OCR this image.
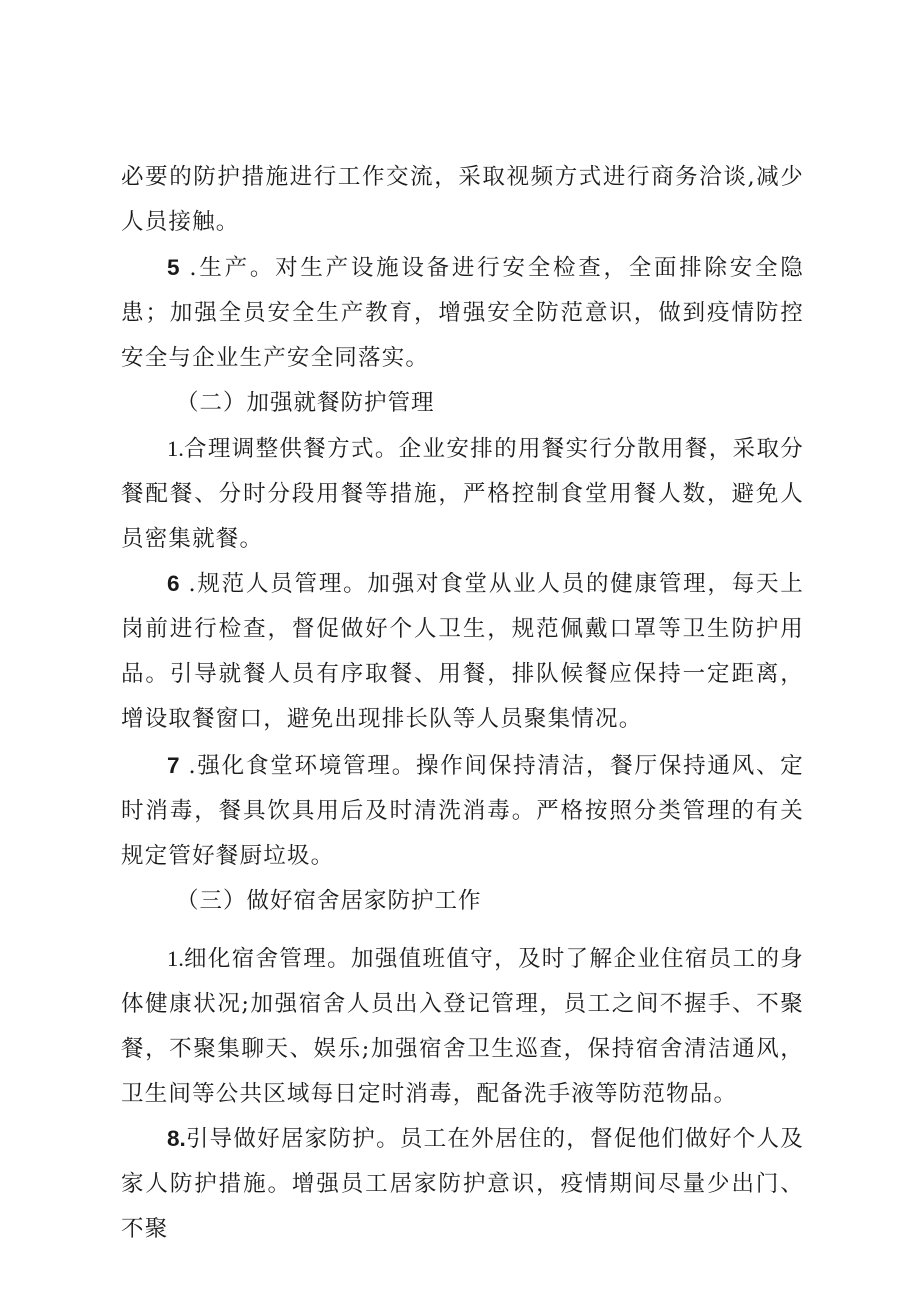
必要的防护措施进行工作交流，采取视频方式进行商务洽谈,减少人员接触。
5 .生产。对生产设施设备进行安全检查，全面排除安全隐患；加强全员安全生产教育，增强安全防范意识，做到疫情防控安全与企业生产安全同落实。
（二）加强就餐防护管理
1.合理调整供餐方式。企业安排的用餐实行分散用餐，采取分餐配餐、分时分段用餐等措施，严格控制食堂用餐人数，避免人员密集就餐。
6 .规范人员管理。加强对食堂从业人员的健康管理，每天上岗前进行检查，督促做好个人卫生，规范佩戴口罩等卫生防护用品。引导就餐人员有序取餐、用餐，排队候餐应保持一定距离，增设取餐窗口，避免出现排长队等人员聚集情况。
7 .强化食堂环境管理。操作间保持清洁，餐厅保持通风、定时消毒，餐具饮具用后及时清洗消毒。严格按照分类管理的有关规定管好餐厨垃圾。
（三）做好宿舍居家防护工作
1.细化宿舍管理。加强值班值守，及时了解企业住宿员工的身体健康状况;加强宿舍人员出入登记管理，员工之间不握手、不聚餐，不聚集聊天、娱乐;加强宿舍卫生巡查，保持宿舍清洁通风，卫生间等公共区域每日定时消毒，配备洗手液等防范物品。
8.引导做好居家防护。员工在外居住的，督促他们做好个人及家人防护措施。增强员工居家防护意识，疫情期间尽量少出门、不聚
